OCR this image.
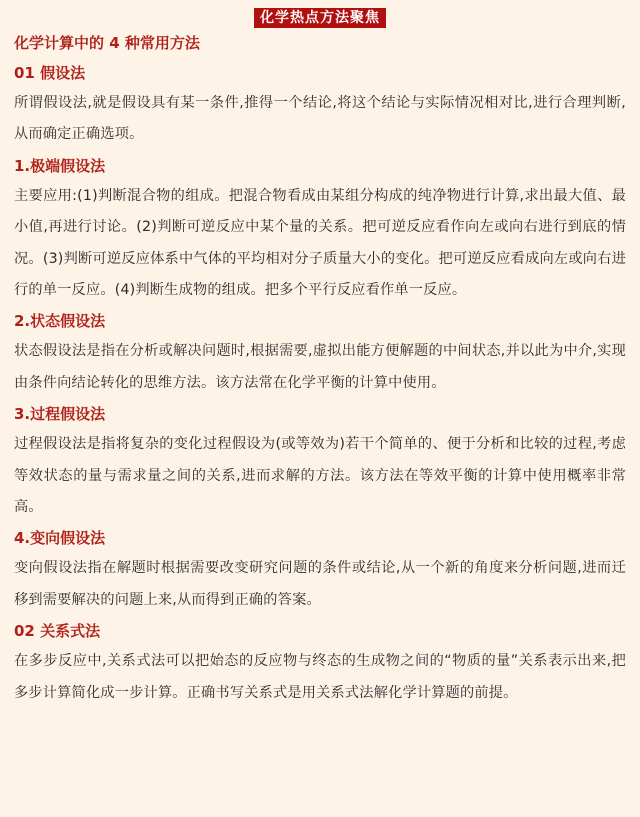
化学热点方法聚焦
化学计算中的 4 种常用方法
01 假设法

所谓假设法,就是假设具有某一条件,推得一个结论,将这个结论与实际情况相对比,进行合理判断,从而确定正确选项。

1.极端假设法

主要应用:(1)判断混合物的组成。把混合物看成由某组分构成的纯净物进行计算,求出最大值、最小值,再进行讨论。(2)判断可逆反应中某个量的关系。把可逆反应看作向左或向右进行到底的情况。(3)判断可逆反应体系中气体的平均相对分子质量大小的变化。把可逆反应看成向左或向右进行的单一反应。(4)判断生成物的组成。把多个平行反应看作单一反应。

2.状态假设法

状态假设法是指在分析或解决问题时,根据需要,虚拟出能方便解题的中间状态,并以此为中介,实现由条件向结论转化的思维方法。该方法常在化学平衡的计算中使用。

3.过程假设法

过程假设法是指将复杂的变化过程假设为(或等效为)若干个简单的、便于分析和比较的过程,考虑等效状态的量与需求量之间的关系,进而求解的方法。该方法在等效平衡的计算中使用概率非常高。

4.变向假设法

变向假设法指在解题时根据需要改变研究问题的条件或结论,从一个新的角度来分析问题,进而迁移到需要解决的问题上来,从而得到正确的答案。

02 关系式法

在多步反应中,关系式法可以把始态的反应物与终态的生成物之间的“物质的量”关系表示出来,把多步计算简化成一步计算。正确书写关系式是用关系式法解化学计算题的前提。
